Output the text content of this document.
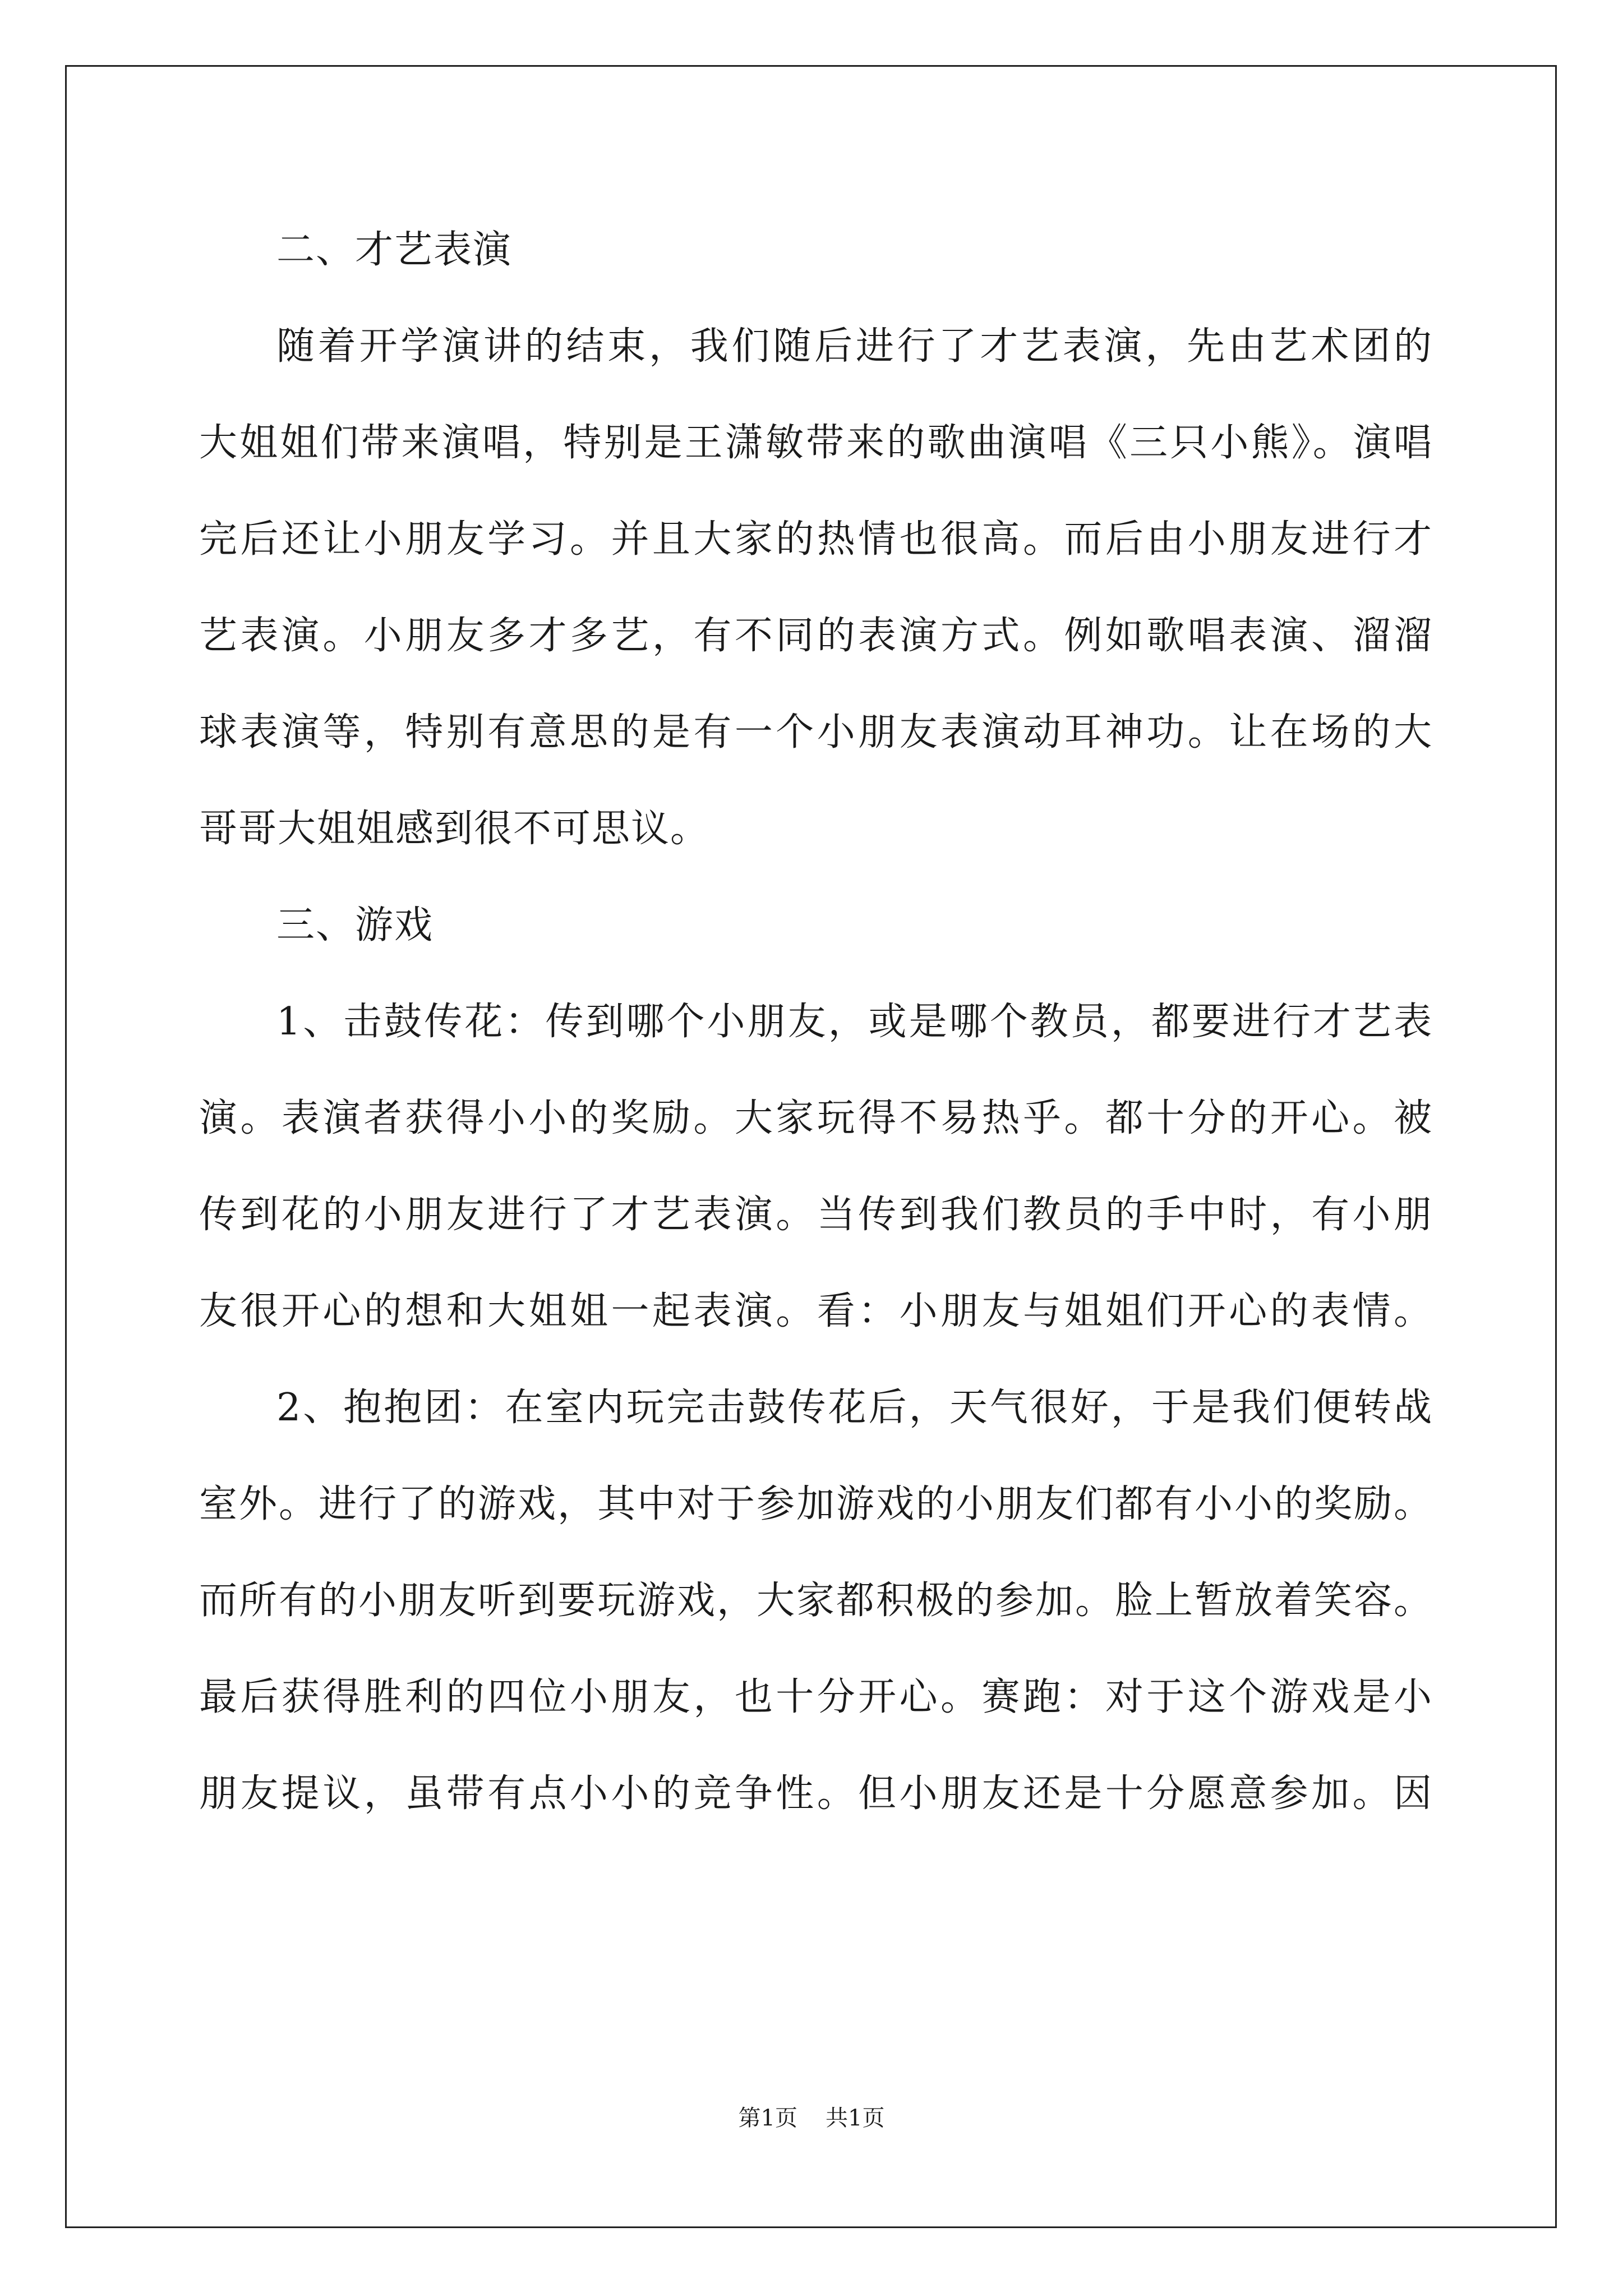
二、才艺表演
随着开学演讲的结束，我们随后进行了才艺表演，先由艺术团的
大姐姐们带来演唱，特别是王潇敏带来的歌曲演唱《三只小熊》。演唱
完后还让小朋友学习。并且大家的热情也很高。而后由小朋友进行才
艺表演。小朋友多才多艺，有不同的表演方式。例如歌唱表演、溜溜
球表演等，特别有意思的是有一个小朋友表演动耳神功。让在场的大
哥哥大姐姐感到很不可思议。
三、游戏
1、击鼓传花：传到哪个小朋友，或是哪个教员，都要进行才艺表
演。表演者获得小小的奖励。大家玩得不易热乎。都十分的开心。被
传到花的小朋友进行了才艺表演。当传到我们教员的手中时，有小朋
友很开心的想和大姐姐一起表演。看：小朋友与姐姐们开心的表情。
2、抱抱团：在室内玩完击鼓传花后，天气很好，于是我们便转战
室外。进行了的游戏，其中对于参加游戏的小朋友们都有小小的奖励。
而所有的小朋友听到要玩游戏，大家都积极的参加。脸上暂放着笑容。
最后获得胜利的四位小朋友，也十分开心。赛跑：对于这个游戏是小
朋友提议，虽带有点小小的竞争性。但小朋友还是十分愿意参加。因
第1页 共1页
